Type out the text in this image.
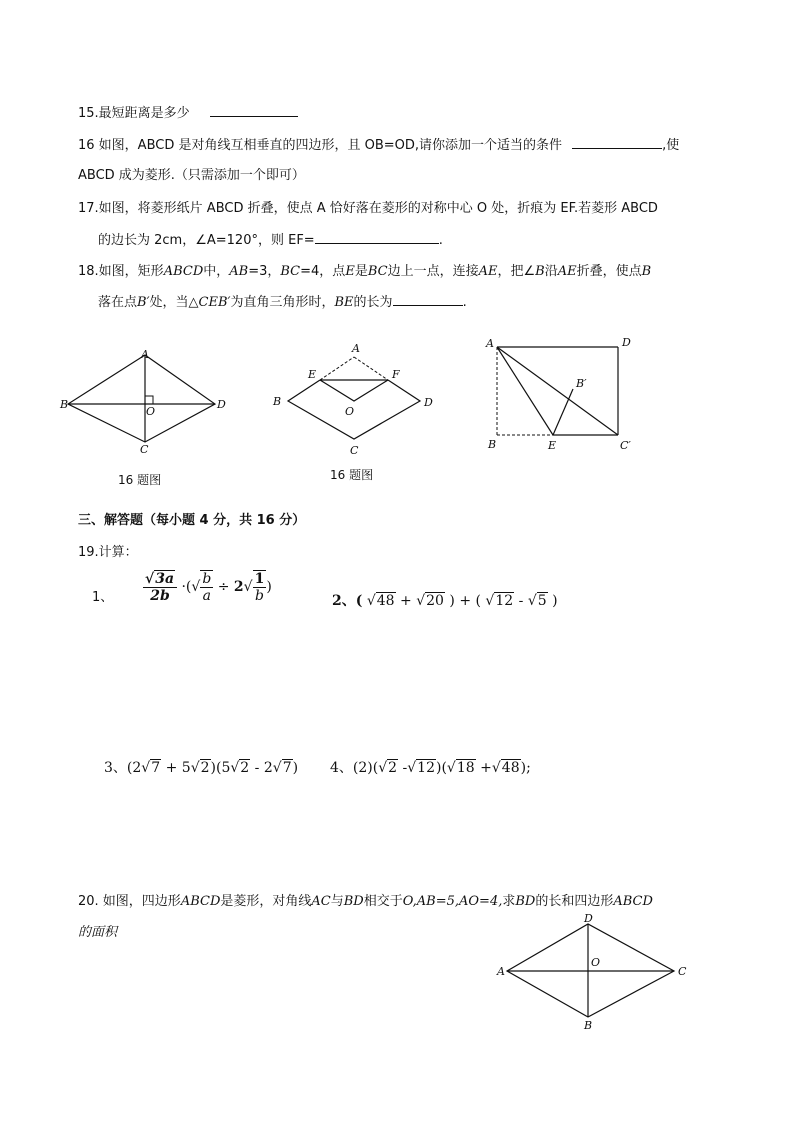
15.最短距离是多少
16 如图，ABCD 是对角线互相垂直的四边形，且 OB=OD,请你添加一个适当的条件	,使
ABCD 成为菱形.（只需添加一个即可）
17.如图，将菱形纸片 ABCD 折叠，使点 A 恰好落在菱形的对称中心 O 处，折痕为 EF.若菱形 ABCD
的边长为 2cm，∠A=120°，则 EF=	.
18.如图，矩形ABCD中，AB=3，BC=4，点E是BC边上一点，连接AE，把∠B沿AE折叠，使点B
落在点B′处，当△CEB′为直角三角形时，BE的长为	.
A
B
C
D
O
16 题图
A
E	F
B	D
O
C
16 题图
A	D
B′
B	E	C′
三、解答题（每小题 4 分，共 16 分）
19.计算：
1、 $\frac{√3a}{2b}$ ·(√ $\frac{b}{a} \div 2√ \frac{1}{b}$ )
2、( √48 + √20 ) + ( √12 - √5 )
3、(2√7 + 5√2)(5√2 - 2√7) 4、(2)(√2 -√12)(√18 +√48);
20. 如图，四边形ABCD是菱形，对角线AC与BD相交于O,AB=5,AO=4,求BD的长和四边形ABCD
的面积
D
A
O
C
B
